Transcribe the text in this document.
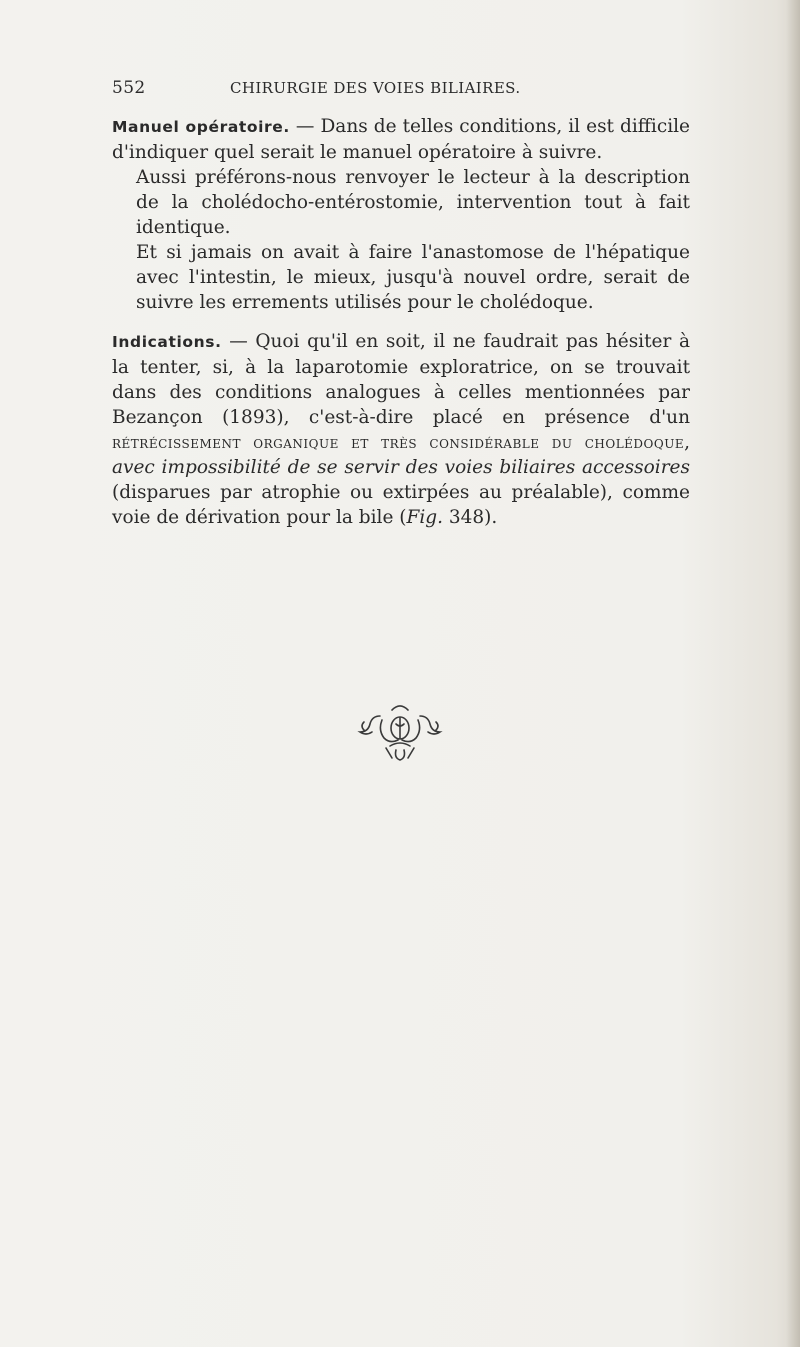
552	CHIRURGIE DES VOIES BILIAIRES.

Manuel opératoire. — Dans de telles conditions, il est difficile d'indiquer quel serait le manuel opératoire à suivre.
Aussi préférons-nous renvoyer le lecteur à la description de la cholédocho-entérostomie, intervention tout à fait identique.
Et si jamais on avait à faire l'anastomose de l'hépatique avec l'intestin, le mieux, jusqu'à nouvel ordre, serait de suivre les errements utilisés pour le cholédoque.

Indications. — Quoi qu'il en soit, il ne faudrait pas hésiter à la tenter, si, à la laparotomie exploratrice, on se trouvait dans des conditions analogues à celles mentionnées par Bezançon (1893), c'est-à-dire placé en présence d'un rétrécissement organique et très considérable du cholédoque, avec impossibilité de se servir des voies biliaires accessoires (disparues par atrophie ou extirpées au préalable), comme voie de dérivation pour la bile (Fig. 348).
